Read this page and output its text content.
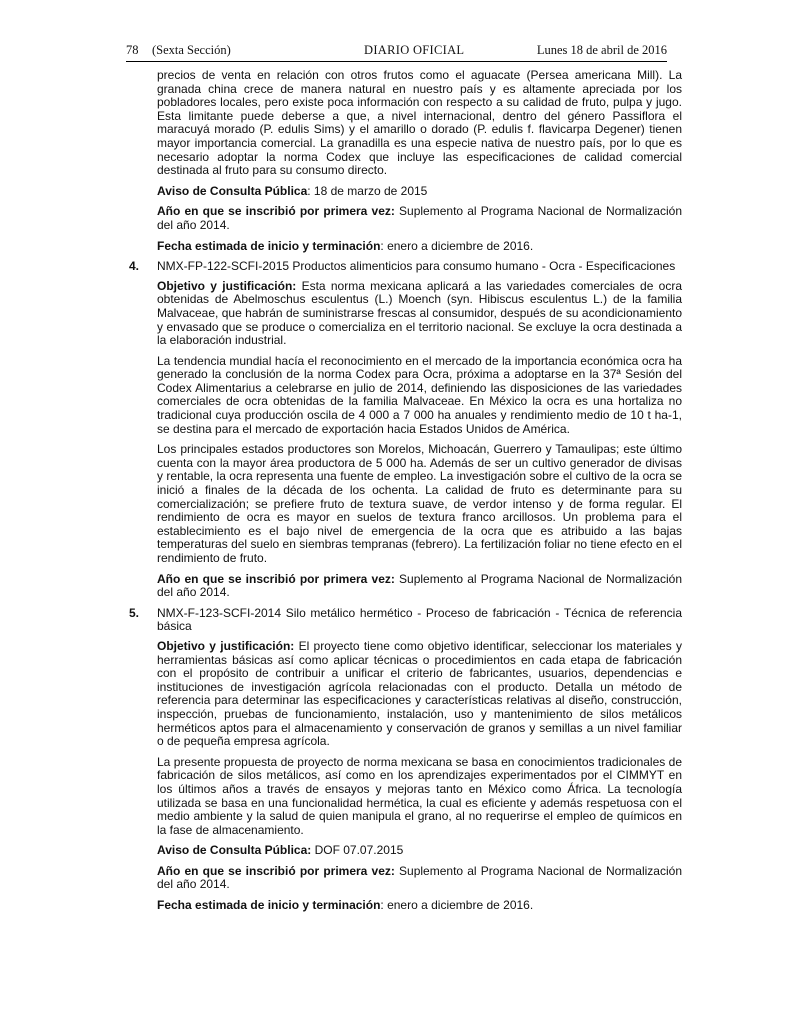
78 (Sexta Sección)	DIARIO OFICIAL	Lunes 18 de abril de 2016

precios de venta en relación con otros frutos como el aguacate (Persea americana Mill). La granada china crece de manera natural en nuestro país y es altamente apreciada por los pobladores locales, pero existe poca información con respecto a su calidad de fruto, pulpa y jugo. Esta limitante puede deberse a que, a nivel internacional, dentro del género Passiflora el maracuyá morado (P. edulis Sims) y el amarillo o dorado (P. edulis f. flavicarpa Degener) tienen mayor importancia comercial. La granadilla es una especie nativa de nuestro país, por lo que es necesario adoptar la norma Codex que incluye las especificaciones de calidad comercial destinada al fruto para su consumo directo.

Aviso de Consulta Pública: 18 de marzo de 2015

Año en que se inscribió por primera vez: Suplemento al Programa Nacional de Normalización del año 2014.

Fecha estimada de inicio y terminación: enero a diciembre de 2016.

4. NMX-FP-122-SCFI-2015 Productos alimenticios para consumo humano - Ocra - Especificaciones

Objetivo y justificación: Esta norma mexicana aplicará a las variedades comerciales de ocra obtenidas de Abelmoschus esculentus (L.) Moench (syn. Hibiscus esculentus L.) de la familia Malvaceae, que habrán de suministrarse frescas al consumidor, después de su acondicionamiento y envasado que se produce o comercializa en el territorio nacional. Se excluye la ocra destinada a la elaboración industrial.

La tendencia mundial hacía el reconocimiento en el mercado de la importancia económica ocra ha generado la conclusión de la norma Codex para Ocra, próxima a adoptarse en la 37ª Sesión del Codex Alimentarius a celebrarse en julio de 2014, definiendo las disposiciones de las variedades comerciales de ocra obtenidas de la familia Malvaceae. En México la ocra es una hortaliza no tradicional cuya producción oscila de 4 000 a 7 000 ha anuales y rendimiento medio de 10 t ha-1, se destina para el mercado de exportación hacia Estados Unidos de América.

Los principales estados productores son Morelos, Michoacán, Guerrero y Tamaulipas; este último cuenta con la mayor área productora de 5 000 ha. Además de ser un cultivo generador de divisas y rentable, la ocra representa una fuente de empleo. La investigación sobre el cultivo de la ocra se inició a finales de la década de los ochenta. La calidad de fruto es determinante para su comercialización; se prefiere fruto de textura suave, de verdor intenso y de forma regular. El rendimiento de ocra es mayor en suelos de textura franco arcillosos. Un problema para el establecimiento es el bajo nivel de emergencia de la ocra que es atribuido a las bajas temperaturas del suelo en siembras tempranas (febrero). La fertilización foliar no tiene efecto en el rendimiento de fruto.

Año en que se inscribió por primera vez: Suplemento al Programa Nacional de Normalización del año 2014.

5. NMX-F-123-SCFI-2014 Silo metálico hermético - Proceso de fabricación - Técnica de referencia básica

Objetivo y justificación: El proyecto tiene como objetivo identificar, seleccionar los materiales y herramientas básicas así como aplicar técnicas o procedimientos en cada etapa de fabricación con el propósito de contribuir a unificar el criterio de fabricantes, usuarios, dependencias e instituciones de investigación agrícola relacionadas con el producto. Detalla un método de referencia para determinar las especificaciones y características relativas al diseño, construcción, inspección, pruebas de funcionamiento, instalación, uso y mantenimiento de silos metálicos herméticos aptos para el almacenamiento y conservación de granos y semillas a un nivel familiar o de pequeña empresa agrícola.

La presente propuesta de proyecto de norma mexicana se basa en conocimientos tradicionales de fabricación de silos metálicos, así como en los aprendizajes experimentados por el CIMMYT en los últimos años a través de ensayos y mejoras tanto en México como África. La tecnología utilizada se basa en una funcionalidad hermética, la cual es eficiente y además respetuosa con el medio ambiente y la salud de quien manipula el grano, al no requerirse el empleo de químicos en la fase de almacenamiento.

Aviso de Consulta Pública: DOF 07.07.2015

Año en que se inscribió por primera vez: Suplemento al Programa Nacional de Normalización del año 2014.

Fecha estimada de inicio y terminación: enero a diciembre de 2016.
